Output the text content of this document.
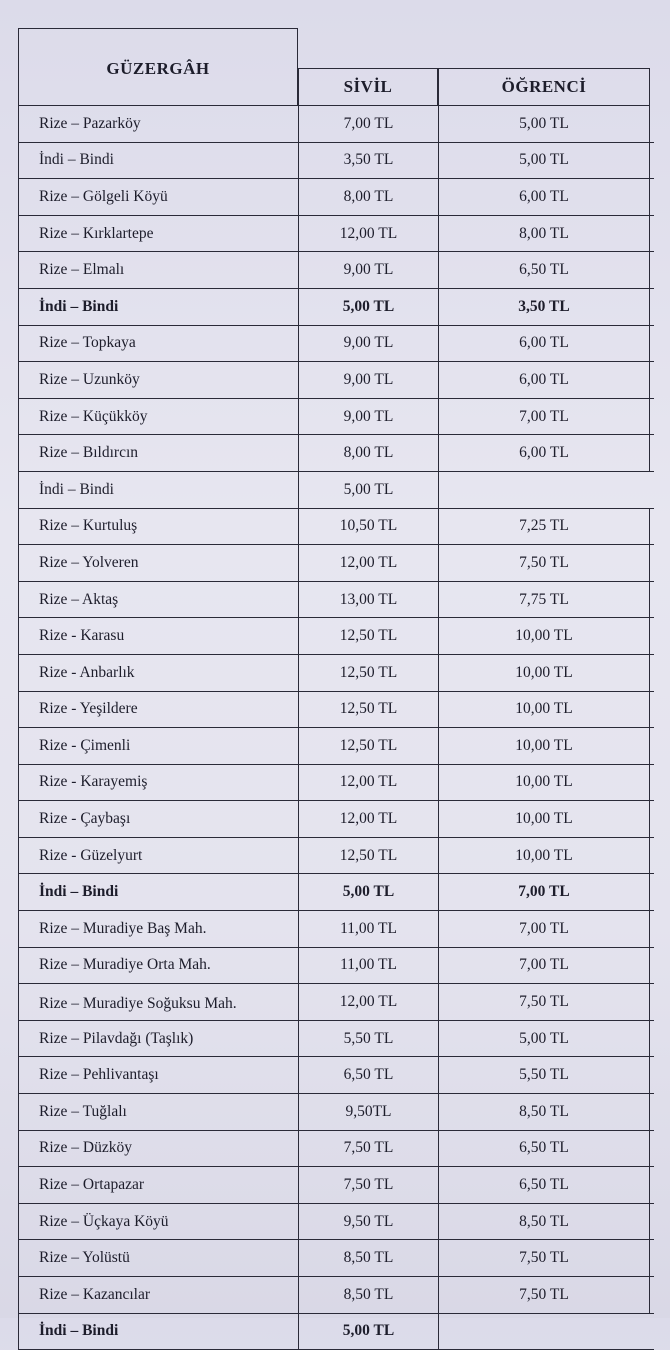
GÜZERGÂH
SİVİL	ÖĞRENCİ
Rize – Pazarköy	7,00 TL	5,00 TL
İndi – Bindi	3,50 TL	5,00 TL
Rize – Gölgeli Köyü	8,00 TL	6,00 TL
Rize – Kırklartepe	12,00 TL	8,00 TL
Rize – Elmalı	9,00 TL	6,50 TL
İndi – Bindi	5,00 TL	3,50 TL
Rize – Topkaya	9,00 TL	6,00 TL
Rize – Uzunköy	9,00 TL	6,00 TL
Rize – Küçükköy	9,00 TL	7,00 TL
Rize – Bıldırcın	8,00 TL	6,00 TL
İndi – Bindi	5,00 TL
Rize – Kurtuluş	10,50 TL	7,25 TL
Rize – Yolveren	12,00 TL	7,50 TL
Rize – Aktaş	13,00 TL	7,75 TL
Rize - Karasu	12,50 TL	10,00 TL
Rize - Anbarlık	12,50 TL	10,00 TL
Rize - Yeşildere	12,50 TL	10,00 TL
Rize - Çimenli	12,50 TL	10,00 TL
Rize - Karayemiş	12,00 TL	10,00 TL
Rize - Çaybaşı	12,00 TL	10,00 TL
Rize - Güzelyurt	12,50 TL	10,00 TL
İndi – Bindi	5,00 TL	7,00 TL
Rize – Muradiye Baş Mah.	11,00 TL	7,00 TL
Rize – Muradiye Orta Mah.	11,00 TL	7,00 TL
Rize – Muradiye Soğuksu Mah.	12,00 TL	7,50 TL
Rize – Pilavdağı (Taşlık)	5,50 TL	5,00 TL
Rize – Pehlivantaşı	6,50 TL	5,50 TL
Rize – Tuğlalı	9,50TL	8,50 TL
Rize – Düzköy	7,50 TL	6,50 TL
Rize – Ortapazar	7,50 TL	6,50 TL
Rize – Üçkaya Köyü	9,50 TL	8,50 TL
Rize – Yolüstü	8,50 TL	7,50 TL
Rize – Kazancılar	8,50 TL	7,50 TL
İndi – Bindi	5,00 TL
